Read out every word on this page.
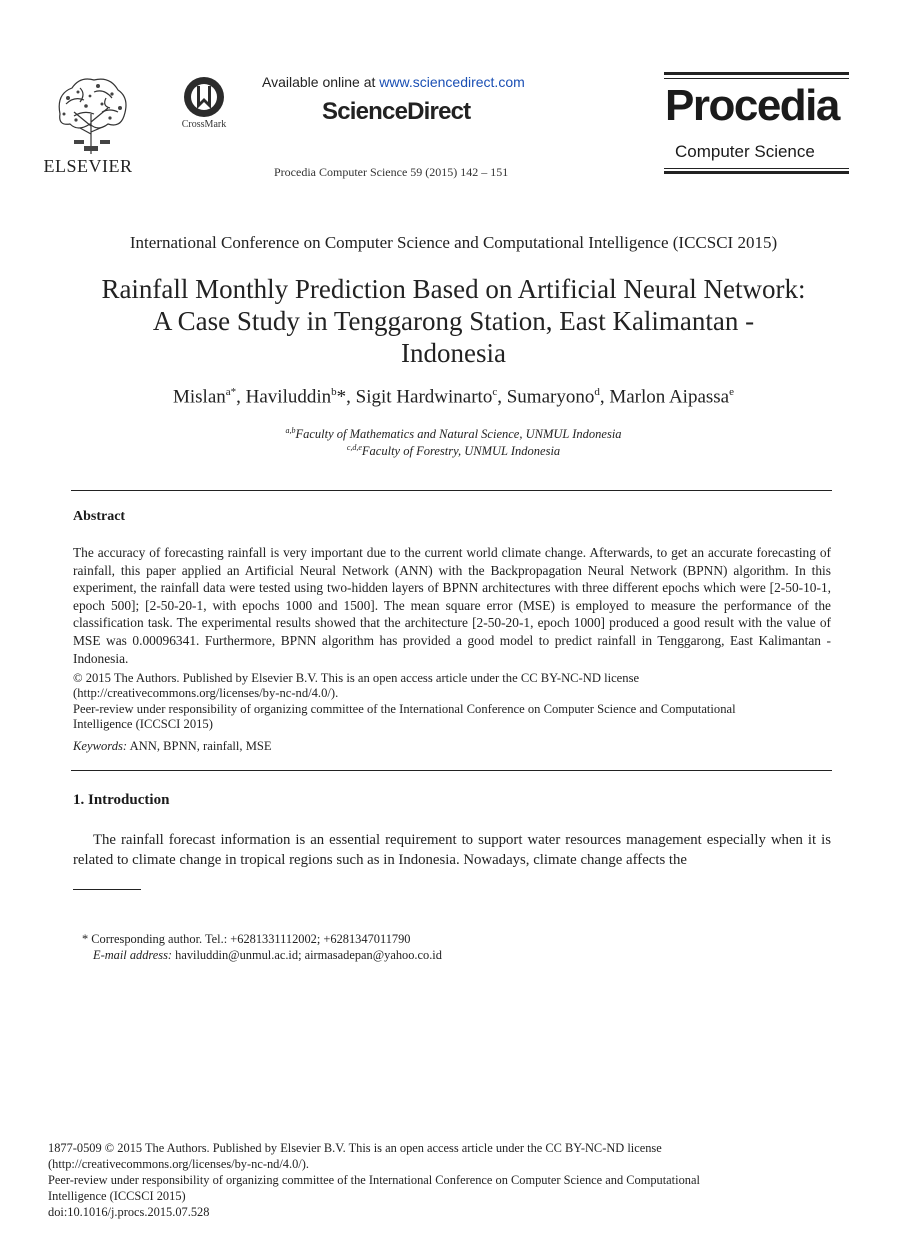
ELSEVIER
CrossMark
Available online at www.sciencedirect.com
ScienceDirect
Procedia Computer Science 59 (2015) 142 – 151
Procedia
Computer Science
International Conference on Computer Science and Computational Intelligence (ICCSCI 2015)
Rainfall Monthly Prediction Based on Artificial Neural Network:
A Case Study in Tenggarong Station, East Kalimantan -
Indonesia
Mislan$^{a*}$, Haviluddin$^b$*, Sigit Hardwinarto$^c$, Sumaryono$^d$, Marlon Aipassa$^e$
$^{a,b}$Faculty of Mathematics and Natural Science, UNMUL Indonesia
$^{c,d,e}$Faculty of Forestry, UNMUL Indonesia
Abstract
The accuracy of forecasting rainfall is very important due to the current world climate change. Afterwards, to get an accurate forecasting of rainfall, this paper applied an Artificial Neural Network (ANN) with the Backpropagation Neural Network (BPNN) algorithm. In this experiment, the rainfall data were tested using two-hidden layers of BPNN architectures with three different epochs which were [2-50-10-1, epoch 500]; [2-50-20-1, with epochs 1000 and 1500]. The mean square error (MSE) is employed to measure the performance of the classification task. The experimental results showed that the architecture [2-50-20-1, epoch 1000] produced a good result with the value of MSE was 0.00096341. Furthermore, BPNN algorithm has provided a good model to predict rainfall in Tenggarong, East Kalimantan - Indonesia.
© 2015 The Authors. Published by Elsevier B.V. This is an open access article under the CC BY-NC-ND license
(http://creativecommons.org/licenses/by-nc-nd/4.0/).
Peer-review under responsibility of organizing committee of the International Conference on Computer Science and Computational
Intelligence (ICCSCI 2015)
Keywords: ANN, BPNN, rainfall, MSE
1. Introduction
The rainfall forecast information is an essential requirement to support water resources management especially when it is related to climate change in tropical regions such as in Indonesia. Nowadays, climate change affects the
* Corresponding author. Tel.: +6281331112002; +6281347011790
E-mail address: haviluddin@unmul.ac.id; airmasadepan@yahoo.co.id
1877-0509 © 2015 The Authors. Published by Elsevier B.V. This is an open access article under the CC BY-NC-ND license
(http://creativecommons.org/licenses/by-nc-nd/4.0/).
Peer-review under responsibility of organizing committee of the International Conference on Computer Science and Computational
Intelligence (ICCSCI 2015)
doi:10.1016/j.procs.2015.07.528
